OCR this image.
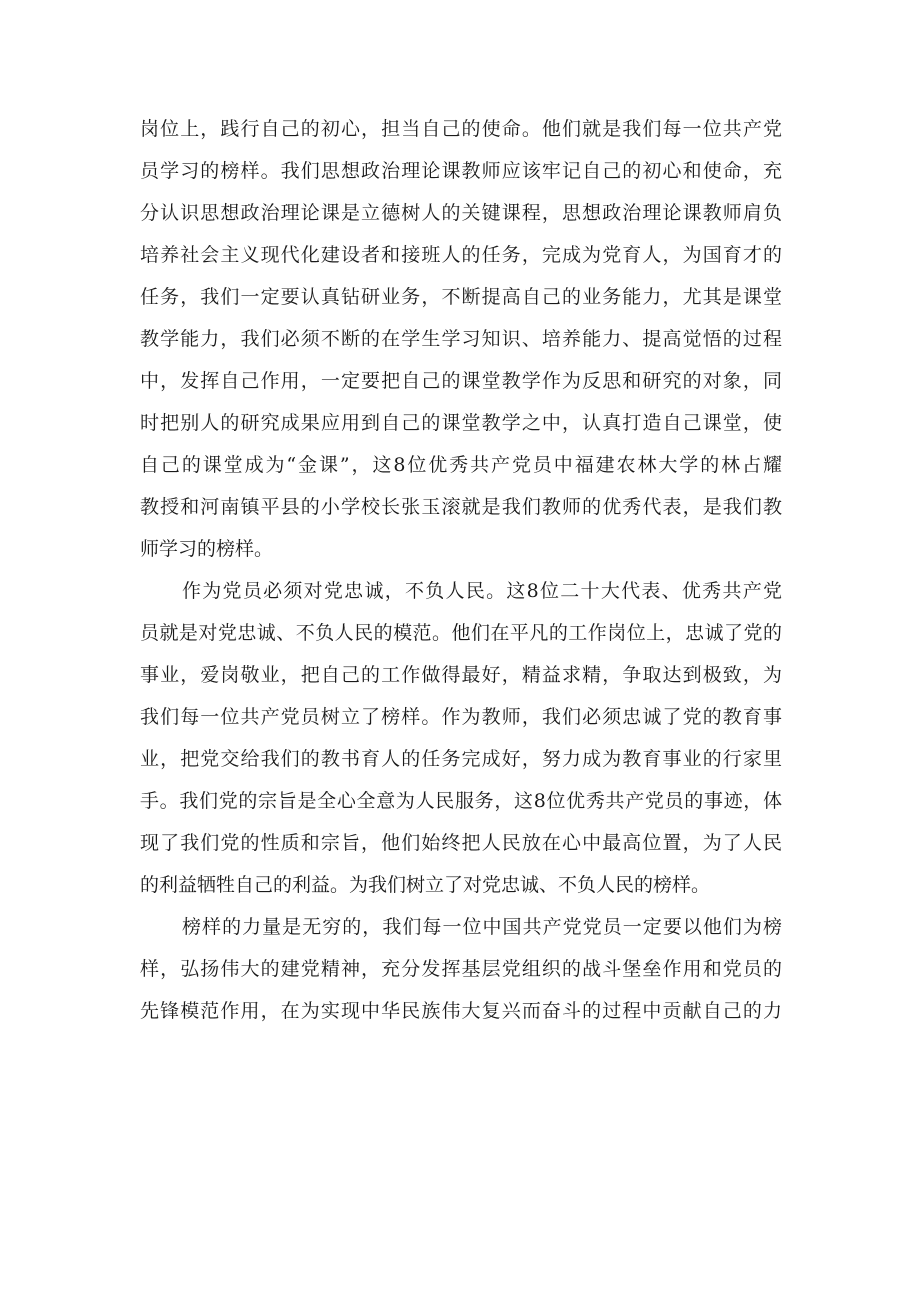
岗位上，践行自己的初心，担当自己的使命。他们就是我们每一位共产党
员学习的榜样。我们思想政治理论课教师应该牢记自己的初心和使命，充
分认识思想政治理论课是立德树人的关键课程，思想政治理论课教师肩负
培养社会主义现代化建设者和接班人的任务，完成为党育人，为国育才的
任务，我们一定要认真钻研业务，不断提高自己的业务能力，尤其是课堂
教学能力，我们必须不断的在学生学习知识、培养能力、提高觉悟的过程
中，发挥自己作用，一定要把自己的课堂教学作为反思和研究的对象，同
时把别人的研究成果应用到自己的课堂教学之中，认真打造自己课堂，使
自己的课堂成为“金课”，这8位优秀共产党员中福建农林大学的林占耀
教授和河南镇平县的小学校长张玉滚就是我们教师的优秀代表，是我们教
师学习的榜样。
作为党员必须对党忠诚，不负人民。这8位二十大代表、优秀共产党
员就是对党忠诚、不负人民的模范。他们在平凡的工作岗位上，忠诚了党的
事业，爱岗敬业，把自己的工作做得最好，精益求精，争取达到极致，为
我们每一位共产党员树立了榜样。作为教师，我们必须忠诚了党的教育事
业，把党交给我们的教书育人的任务完成好，努力成为教育事业的行家里
手。我们党的宗旨是全心全意为人民服务，这8位优秀共产党员的事迹，体
现了我们党的性质和宗旨，他们始终把人民放在心中最高位置，为了人民
的利益牺牲自己的利益。为我们树立了对党忠诚、不负人民的榜样。
榜样的力量是无穷的，我们每一位中国共产党党员一定要以他们为榜
样，弘扬伟大的建党精神，充分发挥基层党组织的战斗堡垒作用和党员的
先锋模范作用，在为实现中华民族伟大复兴而奋斗的过程中贡献自己的力
